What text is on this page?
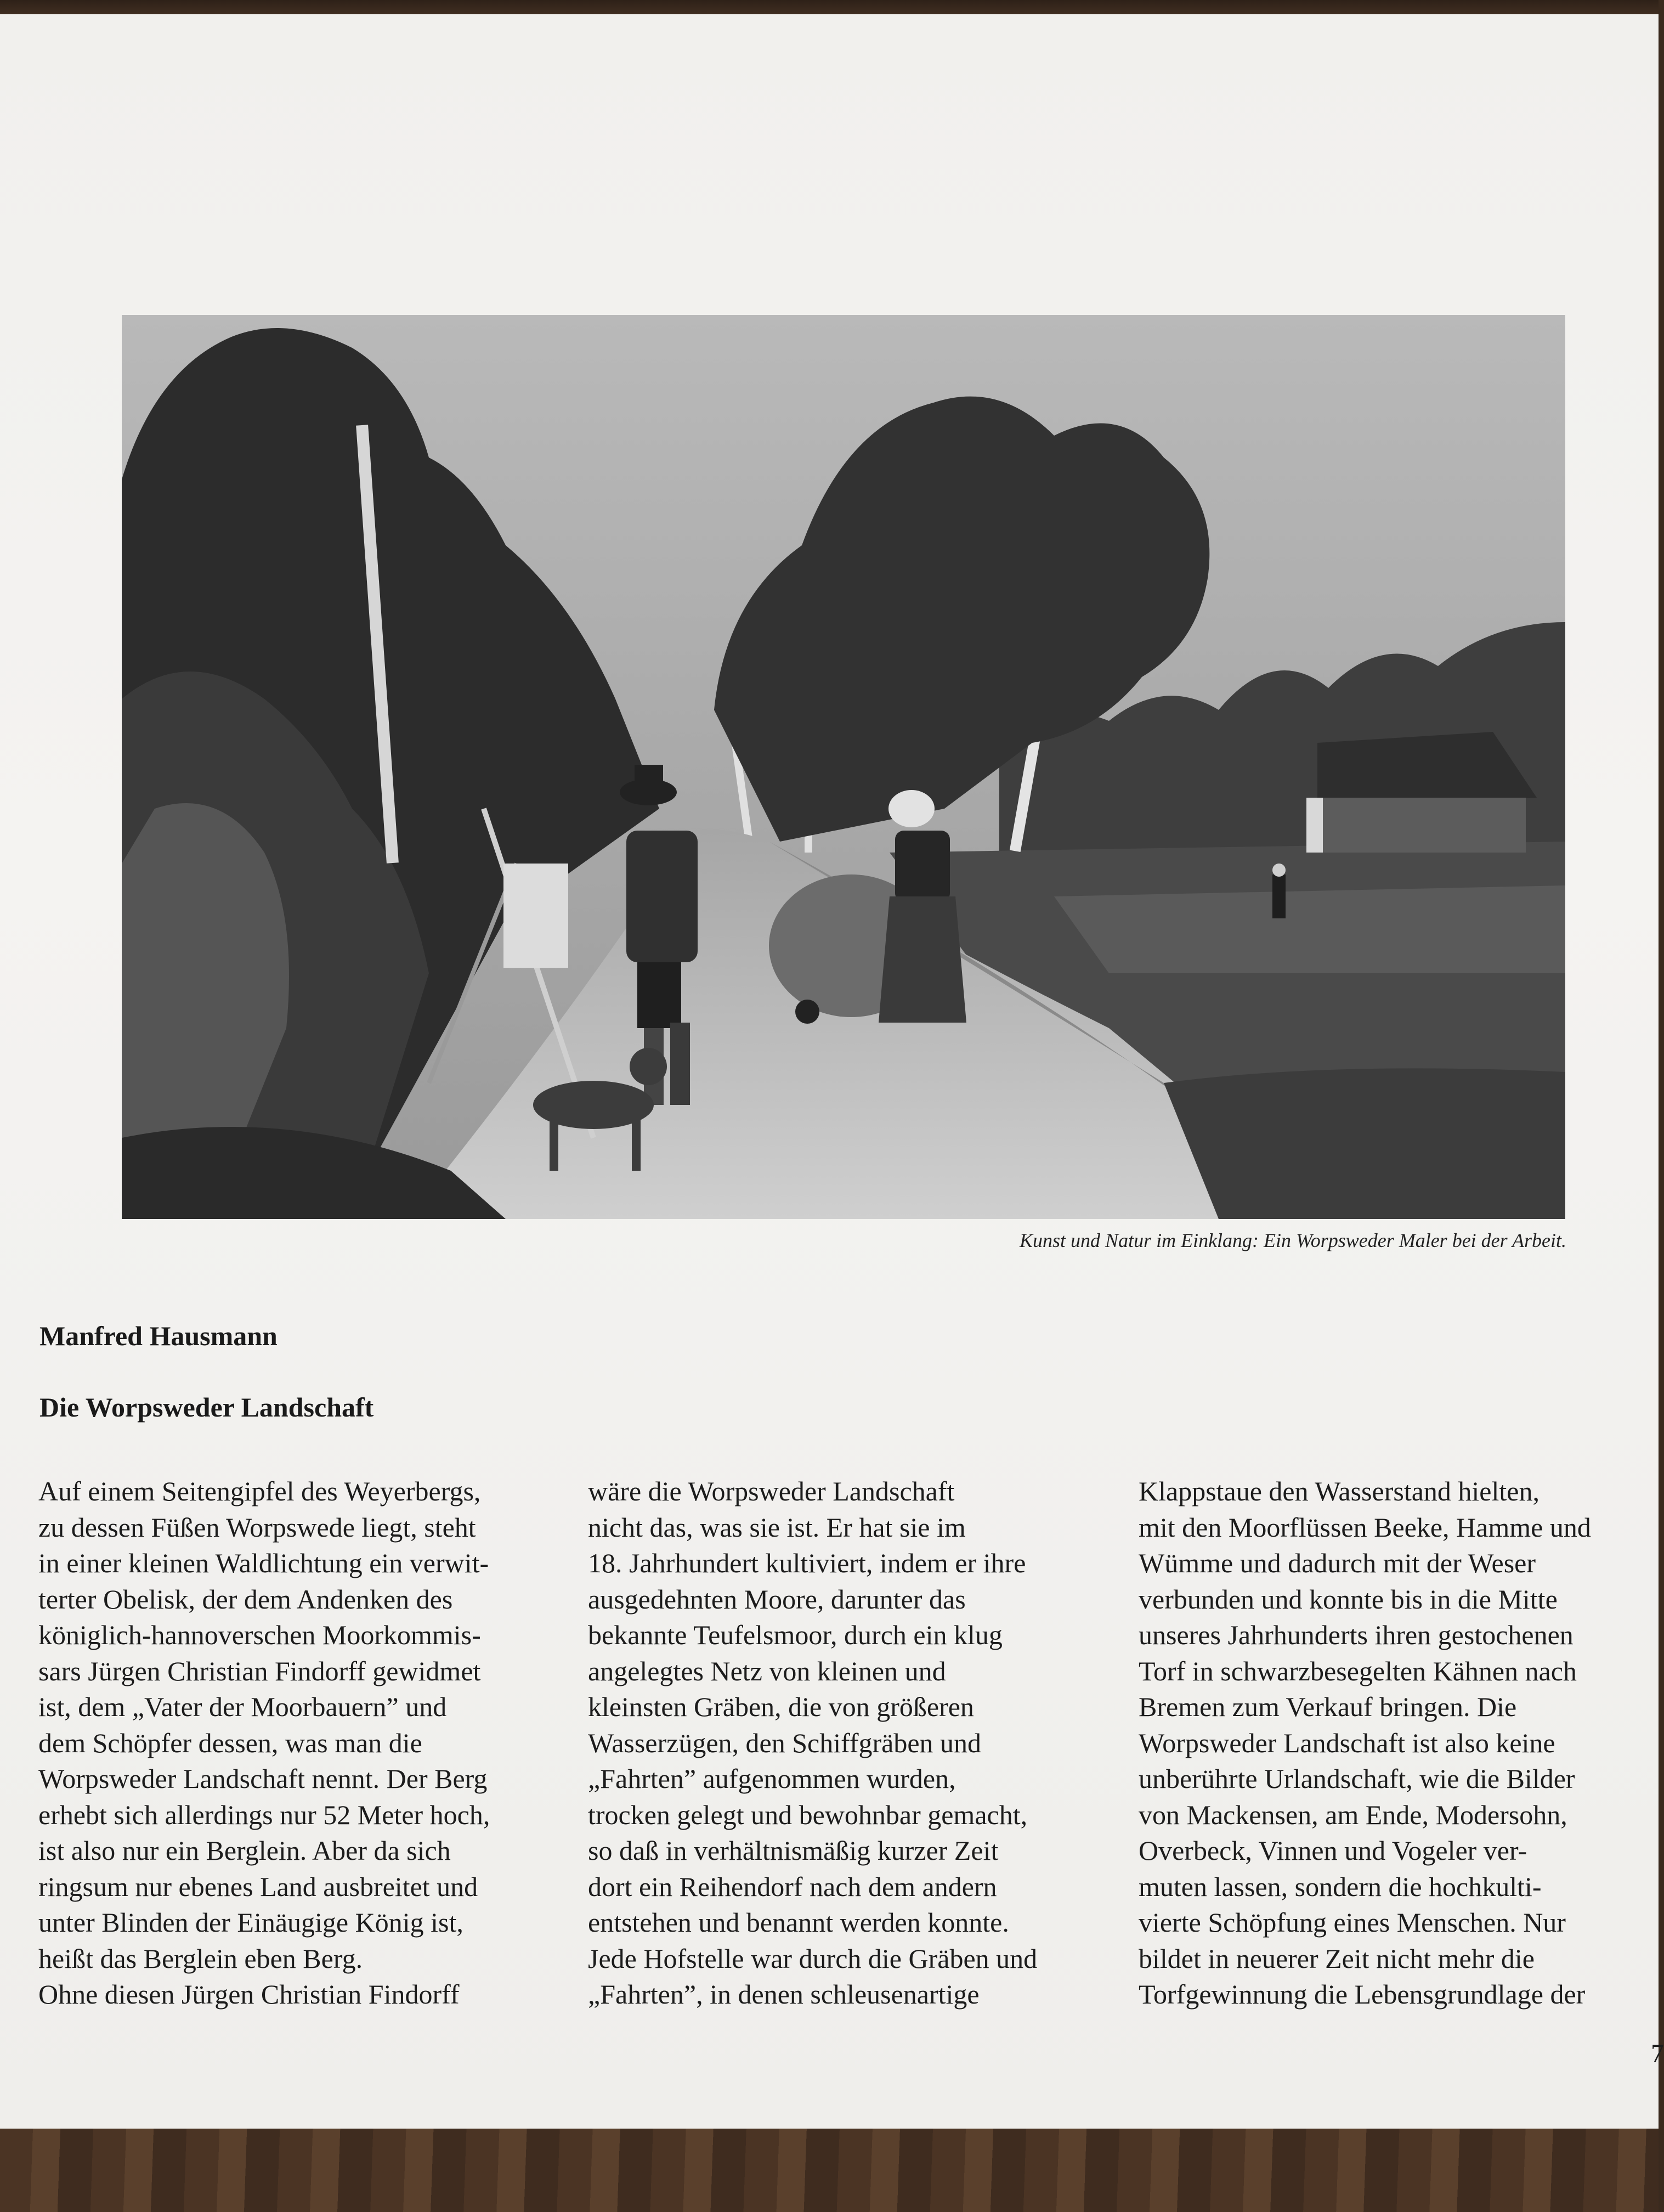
Kunst und Natur im Einklang: Ein Worpsweder Maler bei der Arbeit.
Manfred Hausmann
Die Worpsweder Landschaft
Auf einem Seitengipfel des Weyerbergs,
zu dessen Füßen Worpswede liegt, steht
in einer kleinen Waldlichtung ein verwit-
terter Obelisk, der dem Andenken des
königlich-hannoverschen Moorkommis-
sars Jürgen Christian Findorff gewidmet
ist, dem „Vater der Moorbauern” und
dem Schöpfer dessen, was man die
Worpsweder Landschaft nennt. Der Berg
erhebt sich allerdings nur 52 Meter hoch,
ist also nur ein Berglein. Aber da sich
ringsum nur ebenes Land ausbreitet und
unter Blinden der Einäugige König ist,
heißt das Berglein eben Berg.
Ohne diesen Jürgen Christian Findorff
wäre die Worpsweder Landschaft
nicht das, was sie ist. Er hat sie im
18. Jahrhundert kultiviert, indem er ihre
ausgedehnten Moore, darunter das
bekannte Teufelsmoor, durch ein klug
angelegtes Netz von kleinen und
kleinsten Gräben, die von größeren
Wasserzügen, den Schiffgräben und
„Fahrten” aufgenommen wurden,
trocken gelegt und bewohnbar gemacht,
so daß in verhältnismäßig kurzer Zeit
dort ein Reihendorf nach dem andern
entstehen und benannt werden konnte.
Jede Hofstelle war durch die Gräben und
„Fahrten”, in denen schleusenartige
Klappstaue den Wasserstand hielten,
mit den Moorflüssen Beeke, Hamme und
Wümme und dadurch mit der Weser
verbunden und konnte bis in die Mitte
unseres Jahrhunderts ihren gestochenen
Torf in schwarzbesegelten Kähnen nach
Bremen zum Verkauf bringen. Die
Worpsweder Landschaft ist also keine
unberührte Urlandschaft, wie die Bilder
von Mackensen, am Ende, Modersohn,
Overbeck, Vinnen und Vogeler ver-
muten lassen, sondern die hochkulti-
vierte Schöpfung eines Menschen. Nur
bildet in neuerer Zeit nicht mehr die
Torfgewinnung die Lebensgrundlage der
7
